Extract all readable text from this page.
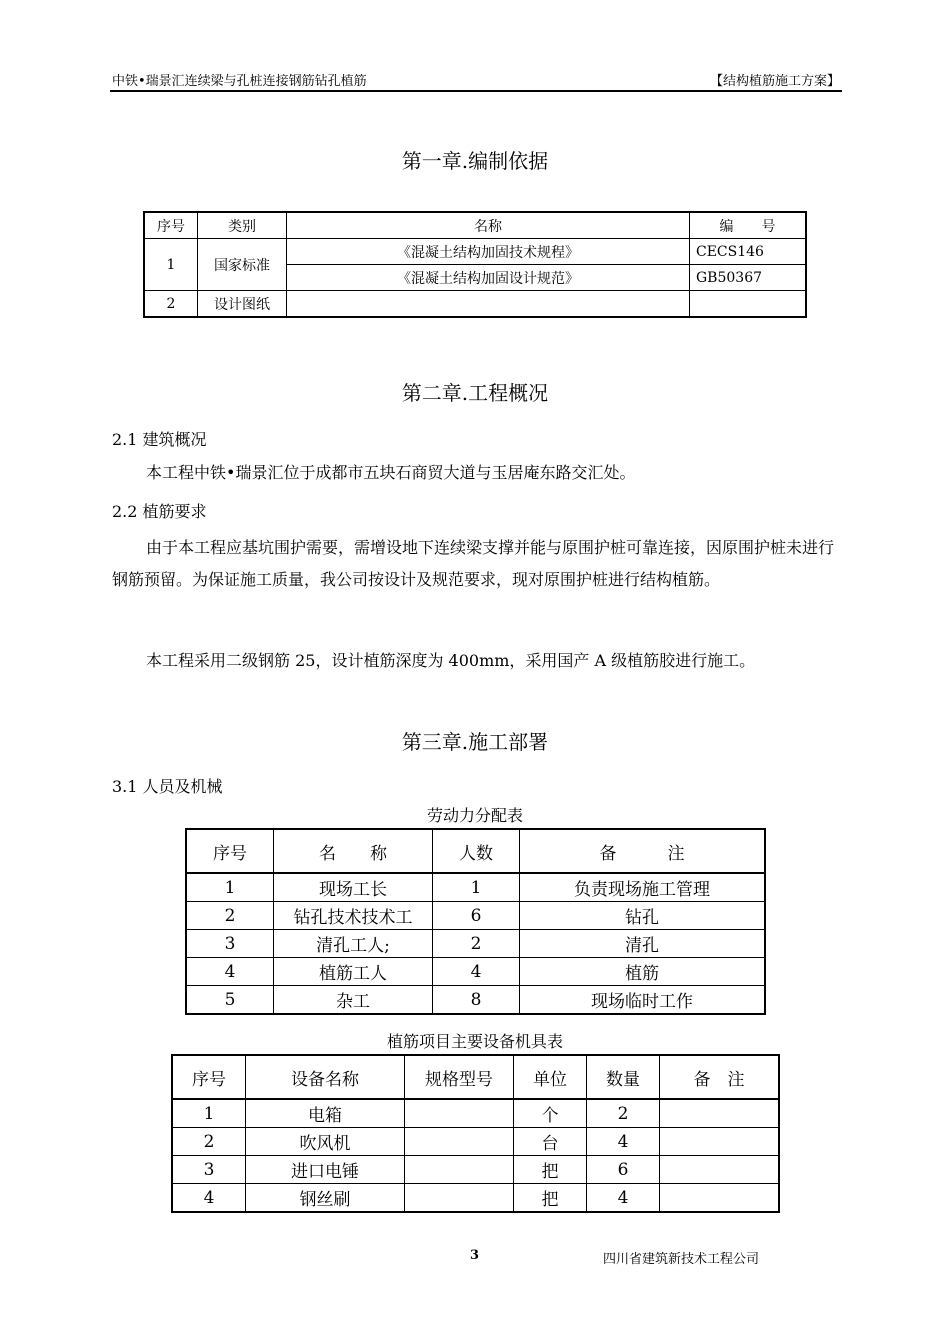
中铁•瑞景汇连续梁与孔桩连接钢筋钻孔植筋	【结构植筋施工方案】
第一章.编制依据
序号	类别	名称	编　　号
1	国家标准	《混凝土结构加固技术规程》	CECS146
		《混凝土结构加固设计规范》	GB50367
2	设计图纸		
第二章.工程概况
2.1 建筑概况
本工程中铁•瑞景汇位于成都市五块石商贸大道与玉居庵东路交汇处。
2.2 植筋要求
由于本工程应基坑围护需要，需增设地下连续梁支撑并能与原围护桩可靠连接，因原围护桩未进行钢筋预留。为保证施工质量，我公司按设计及规范要求，现对原围护桩进行结构植筋。
本工程采用二级钢筋 25，设计植筋深度为 400mm，采用国产 A 级植筋胶进行施工。
第三章.施工部署
3.1 人员及机械
劳动力分配表
序号	名　　称	人数	备　　　注
1	现场工长	1	负责现场施工管理
2	钻孔技术技术工	6	钻孔
3	清孔工人;	2	清孔
4	植筋工人	4	植筋
5	杂工	8	现场临时工作
植筋项目主要设备机具表
序号	设备名称	规格型号	单位	数量	备　注
1	电箱		个	2	
2	吹风机		台	4	
3	进口电锤		把	6	
4	钢丝刷		把	4	
3	四川省建筑新技术工程公司
